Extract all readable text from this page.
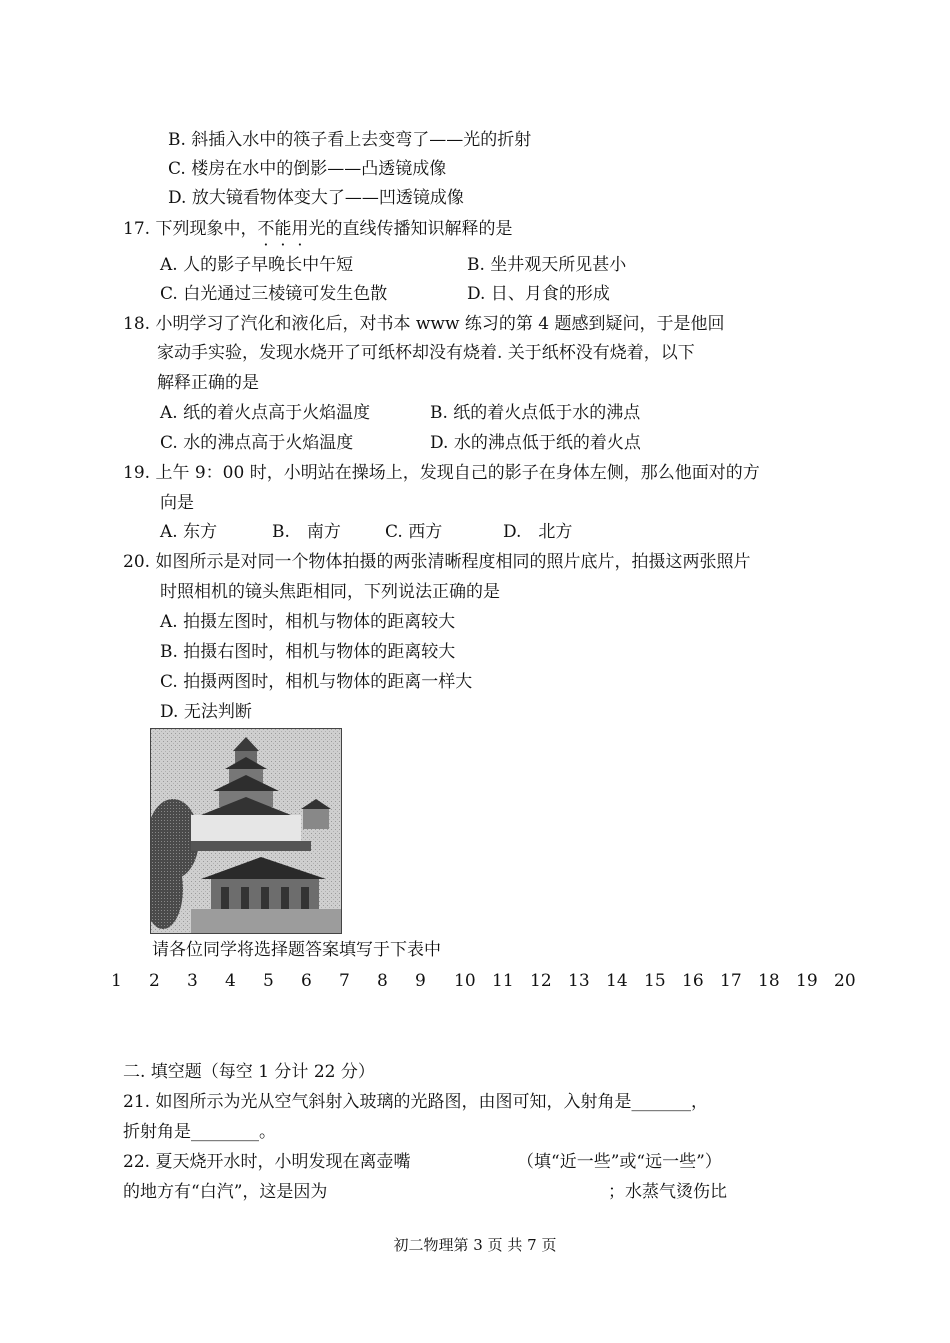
B. 斜插入水中的筷子看上去变弯了——光的折射
C. 楼房在水中的倒影——凸透镜成像
D. 放大镜看物体变大了——凹透镜成像
17. 下列现象中，不能用光的直线传播知识解释的是
A. 人的影子早晚长中午短	B. 坐井观天所见甚小
C. 白光通过三棱镜可发生色散	D. 日、月食的形成
18. 小明学习了汽化和液化后，对书本 www 练习的第 4 题感到疑问，于是他回
家动手实验，发现水烧开了可纸杯却没有烧着. 关于纸杯没有烧着，以下
解释正确的是
A. 纸的着火点高于火焰温度	B. 纸的着火点低于水的沸点
C. 水的沸点高于火焰温度	D. 水的沸点低于纸的着火点
19. 上午 9：00 时，小明站在操场上，发现自己的影子在身体左侧，那么他面对的方
向是
A. 东方	B.　南方	C. 西方	D.　北方
20. 如图所示是对同一个物体拍摄的两张清晰程度相同的照片底片，拍摄这两张照片
时照相机的镜头焦距相同，下列说法正确的是
A. 拍摄左图时，相机与物体的距离较大
B. 拍摄右图时，相机与物体的距离较大
C. 拍摄两图时，相机与物体的距离一样大
D. 无法判断
请各位同学将选择题答案填写于下表中
1 2 3 4 5 6 7 8 9 10 11 12 13 14 15 16 17 18 19 20
二. 填空题（每空 1 分计 22 分）
21. 如图所示为光从空气斜射入玻璃的光路图，由图可知，入射角是_______，
折射角是________。
22. 夏天烧开水时，小明发现在离壶嘴	（填“近一些”或“远一些”）
的地方有“白汽”，这是因为	；水蒸气烫伤比
初二物理第 3 页 共 7 页
